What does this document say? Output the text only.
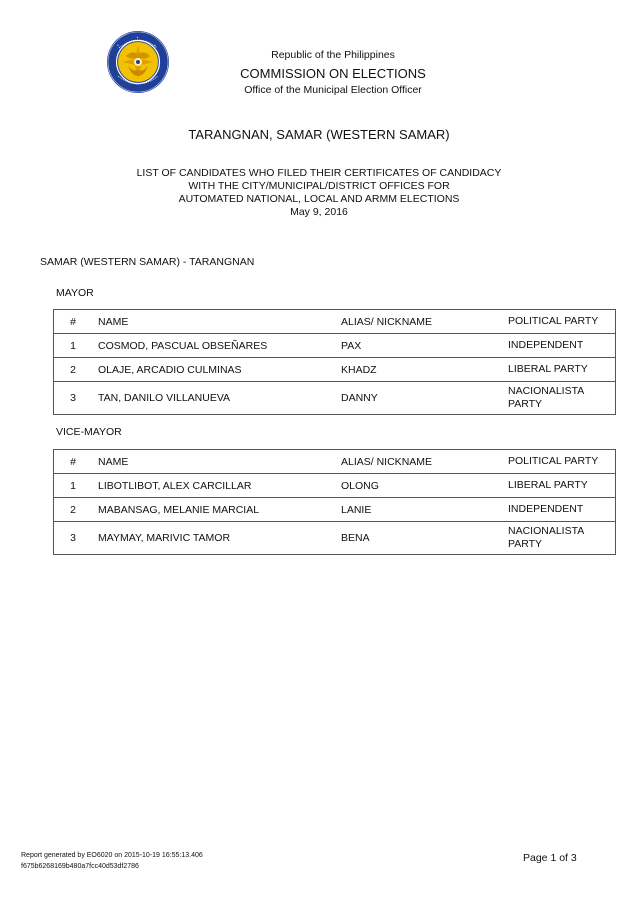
★	★
★
Republic of the Philippines
COMMISSION ON ELECTIONS
Office of the Municipal Election Officer
TARANGNAN, SAMAR (WESTERN SAMAR)
LIST OF CANDIDATES WHO FILED THEIR CERTIFICATES OF CANDIDACY
WITH THE CITY/MUNICIPAL/DISTRICT OFFICES FOR
AUTOMATED NATIONAL, LOCAL AND ARMM ELECTIONS
May 9, 2016
SAMAR (WESTERN SAMAR) - TARANGNAN
MAYOR
#	NAME	ALIAS/ NICKNAME	POLITICAL PARTY
1	COSMOD, PASCUAL OBSEÑARES	PAX	INDEPENDENT
2	OLAJE, ARCADIO CULMINAS	KHADZ	LIBERAL PARTY
3	TAN, DANILO VILLANUEVA	DANNY	NACIONALISTA PARTY
VICE-MAYOR
#	NAME	ALIAS/ NICKNAME	POLITICAL PARTY
1	LIBOTLIBOT, ALEX CARCILLAR	OLONG	LIBERAL PARTY
2	MABANSAG, MELANIE MARCIAL	LANIE	INDEPENDENT
3	MAYMAY, MARIVIC TAMOR	BENA	NACIONALISTA PARTY
Report generated by EO6020 on 2015-10-19 16:55:13.406
f675b6268169b480a7fcc40d53df2786
Page 1 of 3
